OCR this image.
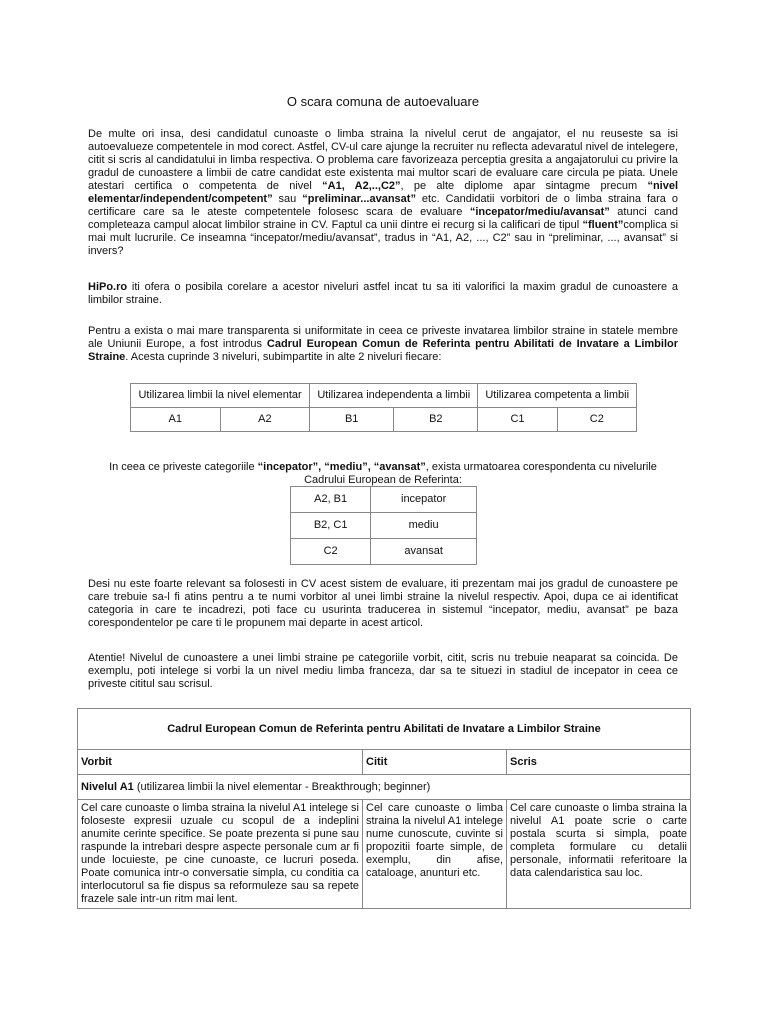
O scara comuna de autoevaluare

De multe ori insa, desi candidatul cunoaste o limba straina la nivelul cerut de angajator, el nu reuseste sa isi autoevalueze competentele in mod corect. Astfel, CV-ul care ajunge la recruiter nu reflecta adevaratul nivel de intelegere, citit si scris al candidatului in limba respectiva. O problema care favorizeaza perceptia gresita a angajatorului cu privire la gradul de cunoastere a limbii de catre candidat este existenta mai multor scari de evaluare care circula pe piata. Unele atestari certifica o competenta de nivel “A1, A2,..,C2”, pe alte diplome apar sintagme precum “nivel elementar/independent/competent” sau “preliminar...avansat” etc. Candidatii vorbitori de o limba straina fara o certificare care sa le ateste competentele folosesc scara de evaluare “incepator/mediu/avansat” atunci cand completeaza campul alocat limbilor straine in CV. Faptul ca unii dintre ei recurg si la calificari de tipul “fluent”complica si mai mult lucrurile. Ce inseamna “incepator/mediu/avansat”, tradus in “A1, A2, ..., C2” sau in “preliminar, ..., avansat” si invers?

HiPo.ro iti ofera o posibila corelare a acestor niveluri astfel incat tu sa iti valorifici la maxim gradul de cunoastere a limbilor straine.

Pentru a exista o mai mare transparenta si uniformitate in ceea ce priveste invatarea limbilor straine in statele membre ale Uniunii Europe, a fost introdus Cadrul European Comun de Referinta pentru Abilitati de Invatare a Limbilor Straine. Acesta cuprinde 3 niveluri, subimpartite in alte 2 niveluri fiecare:

Utilizarea limbii la nivel elementar		Utilizarea independenta a limbii		Utilizarea competenta a limbii	
A1	A2	B1	B2	C1	C2
In ceea ce priveste categoriile “incepator”, “mediu”, “avansat”, exista urmatoarea corespondenta cu nivelurile Cadrului European de Referinta:
A2, B1	incepator
B2, C1	mediu
C2	avansat

Desi nu este foarte relevant sa folosesti in CV acest sistem de evaluare, iti prezentam mai jos gradul de cunoastere pe care trebuie sa-l fi atins pentru a te numi vorbitor al unei limbi straine la nivelul respectiv. Apoi, dupa ce ai identificat categoria in care te incadrezi, poti face cu usurinta traducerea in sistemul “incepator, mediu, avansat” pe baza corespondentelor pe care ti le propunem mai departe in acest articol.

Atentie! Nivelul de cunoastere a unei limbi straine pe categoriile vorbit, citit, scris nu trebuie neaparat sa coincida. De exemplu, poti intelege si vorbi la un nivel mediu limba franceza, dar sa te situezi in stadiul de incepator in ceea ce priveste cititul sau scrisul.

Cadrul European Comun de Referinta pentru Abilitati de Invatare a Limbilor Straine		
Vorbit	Citit	Scris
Nivelul A1 (utilizarea limbii la nivel elementar - Breakthrough; beginner)		
Cel care cunoaste o limba straina la nivelul A1 intelege si foloseste expresii uzuale cu scopul de a indeplini anumite cerinte specifice. Se poate prezenta si pune sau raspunde la intrebari despre aspecte personale cum ar fi unde locuieste, pe cine cunoaste, ce lucruri poseda. Poate comunica intr-o conversatie simpla, cu conditia ca interlocutorul sa fie dispus sa reformuleze sau sa repete frazele sale intr-un ritm mai lent.	Cel care cunoaste o limba straina la nivelul A1 intelege nume cunoscute, cuvinte si propozitii foarte simple, de exemplu, din afise, cataloage, anunturi etc.	Cel care cunoaste o limba straina la nivelul A1 poate scrie o carte postala scurta si simpla, poate completa formulare cu detalii personale, informatii referitoare la data calendaristica sau loc.
